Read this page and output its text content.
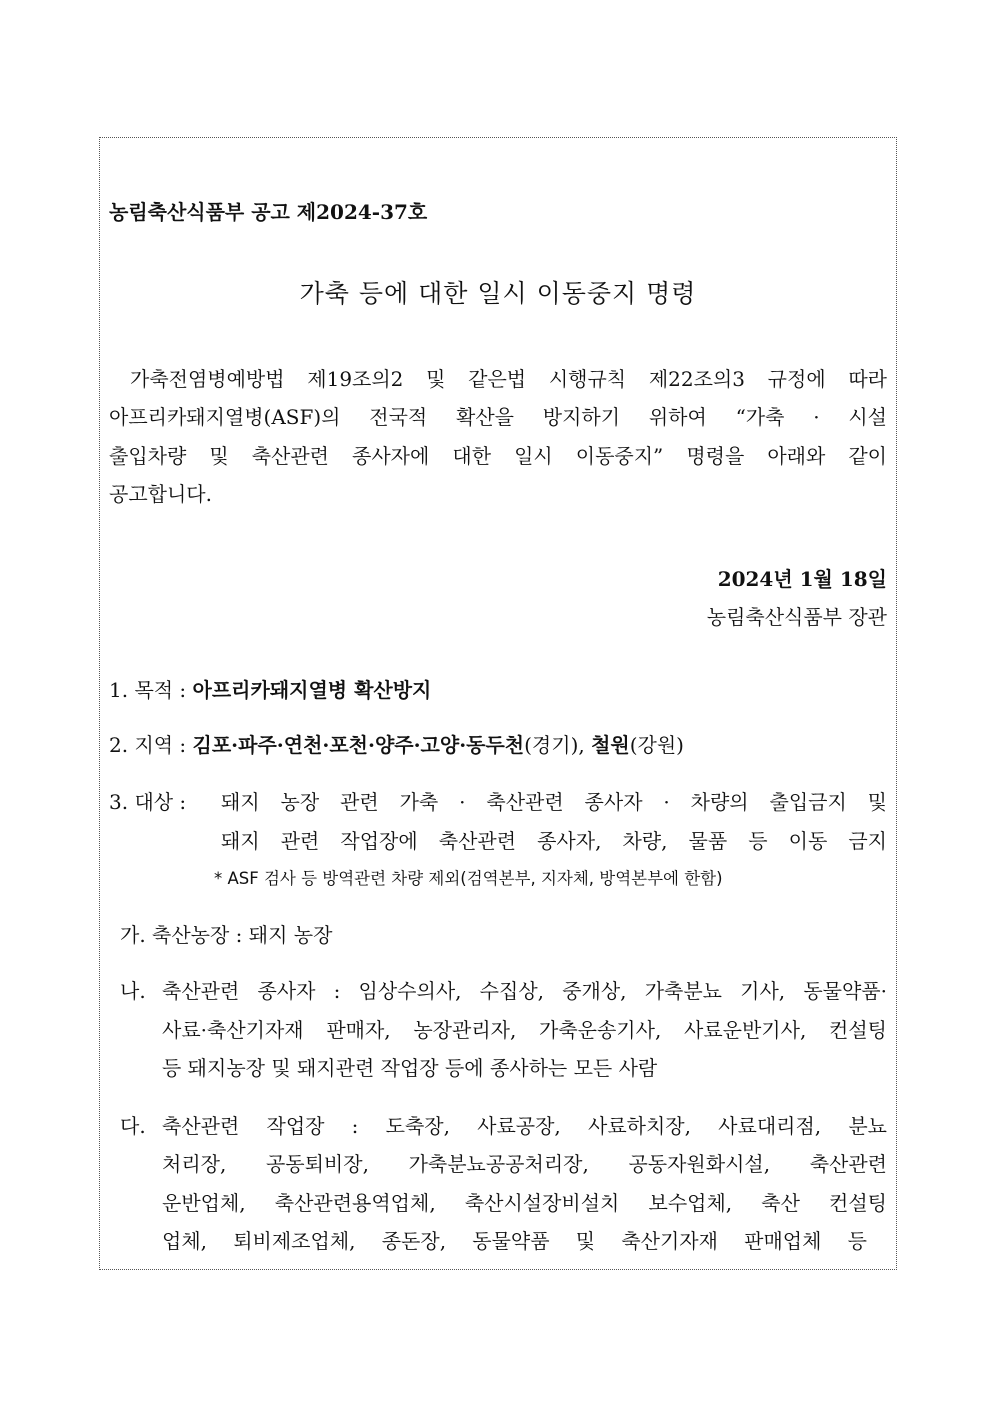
농림축산식품부 공고 제2024-37호
가축 등에 대한 일시 이동중지 명령
가축전염병예방법 제19조의2 및 같은법 시행규칙 제22조의3 규정에 따라
아프리카돼지열병(ASF)의 전국적 확산을 방지하기 위하여 “가축 · 시설
출입차량 및 축산관련 종사자에 대한 일시 이동중지” 명령을 아래와 같이
공고합니다.
2024년 1월 18일
농림축산식품부 장관
1. 목적 : 아프리카돼지열병 확산방지
2. 지역 : 김포·파주·연천·포천·양주·고양·동두천(경기), 철원(강원)
3. 대상 : 돼지 농장 관련 가축 · 축산관련 종사자 · 차량의 출입금지 및
돼지 관련 작업장에 축산관련 종사자, 차량, 물품 등 이동 금지
* ASF 검사 등 방역관련 차량 제외(검역본부, 지자체, 방역본부에 한함)
가. 축산농장 : 돼지 농장
나. 축산관련 종사자 : 임상수의사, 수집상, 중개상, 가축분뇨 기사, 동물약품·
사료·축산기자재 판매자, 농장관리자, 가축운송기사, 사료운반기사, 컨설팅
등 돼지농장 및 돼지관련 작업장 등에 종사하는 모든 사람
다. 축산관련 작업장 : 도축장, 사료공장, 사료하치장, 사료대리점, 분뇨
처리장, 공동퇴비장, 가축분뇨공공처리장, 공동자원화시설, 축산관련
운반업체, 축산관련용역업체, 축산시설장비설치 보수업체, 축산 컨설팅
업체, 퇴비제조업체, 종돈장, 동물약품 및 축산기자재 판매업체 등
